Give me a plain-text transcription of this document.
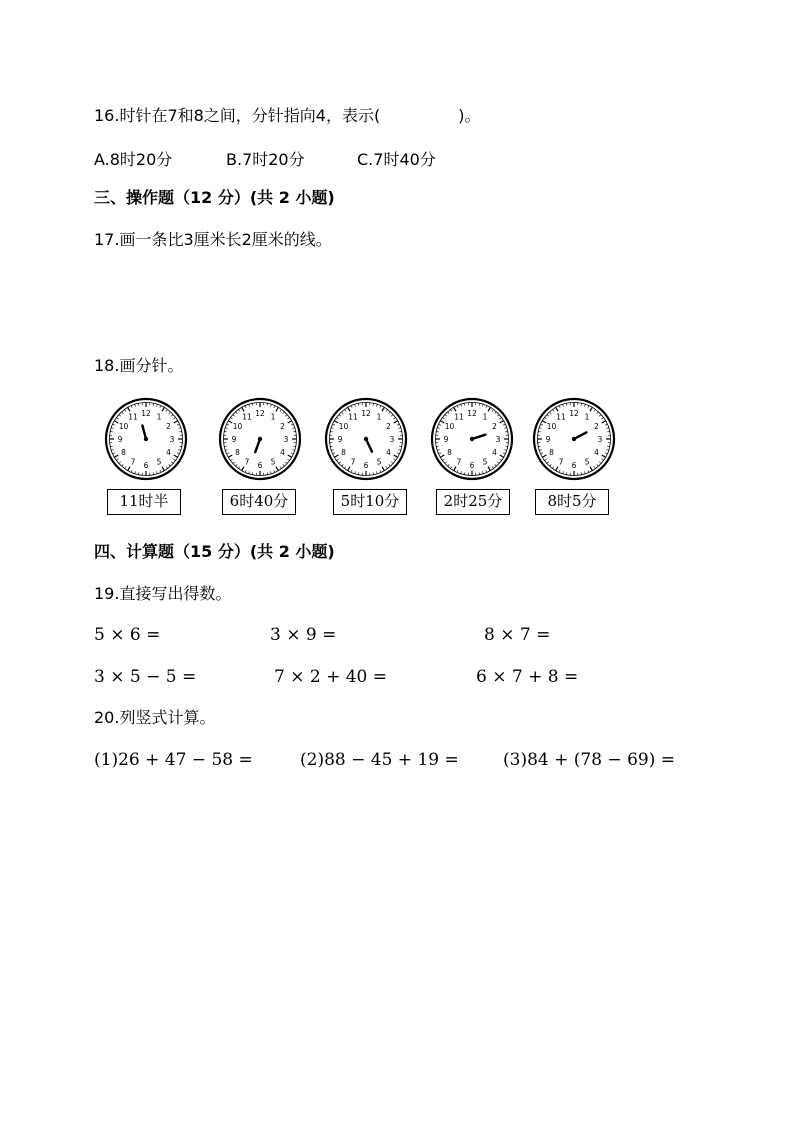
16.时针在7和8之间，分针指向4，表示(	)。
A.8时20分	B.7时20分	C.7时40分
三、操作题（12 分）(共 2 小题)
17.画一条比3厘米长2厘米的线。
18.画分针。
1
2
3
4
5
6
7
8
9
10
11 12
11时半
1
2
3
4
5
6
7
8
9
10
11 12
6时40分
1
2
3
4
5
6
7
8
9
10
11 12
5时10分
1
2
3
4
5
6
7
8
9
10
11 12
2时25分
1
2
3
4
5
6
7
8
9
10
11 12
8时5分
四、计算题（15 分）(共 2 小题)
19.直接写出得数。
5 × 6 =	3 × 9 =	8 × 7 =
3 × 5 − 5 =	7 × 2 + 40 =	6 × 7 + 8 =
20.列竖式计算。
(1)26 + 47 − 58 =	(2)88 − 45 + 19 =	(3)84 + (78 − 69) =
